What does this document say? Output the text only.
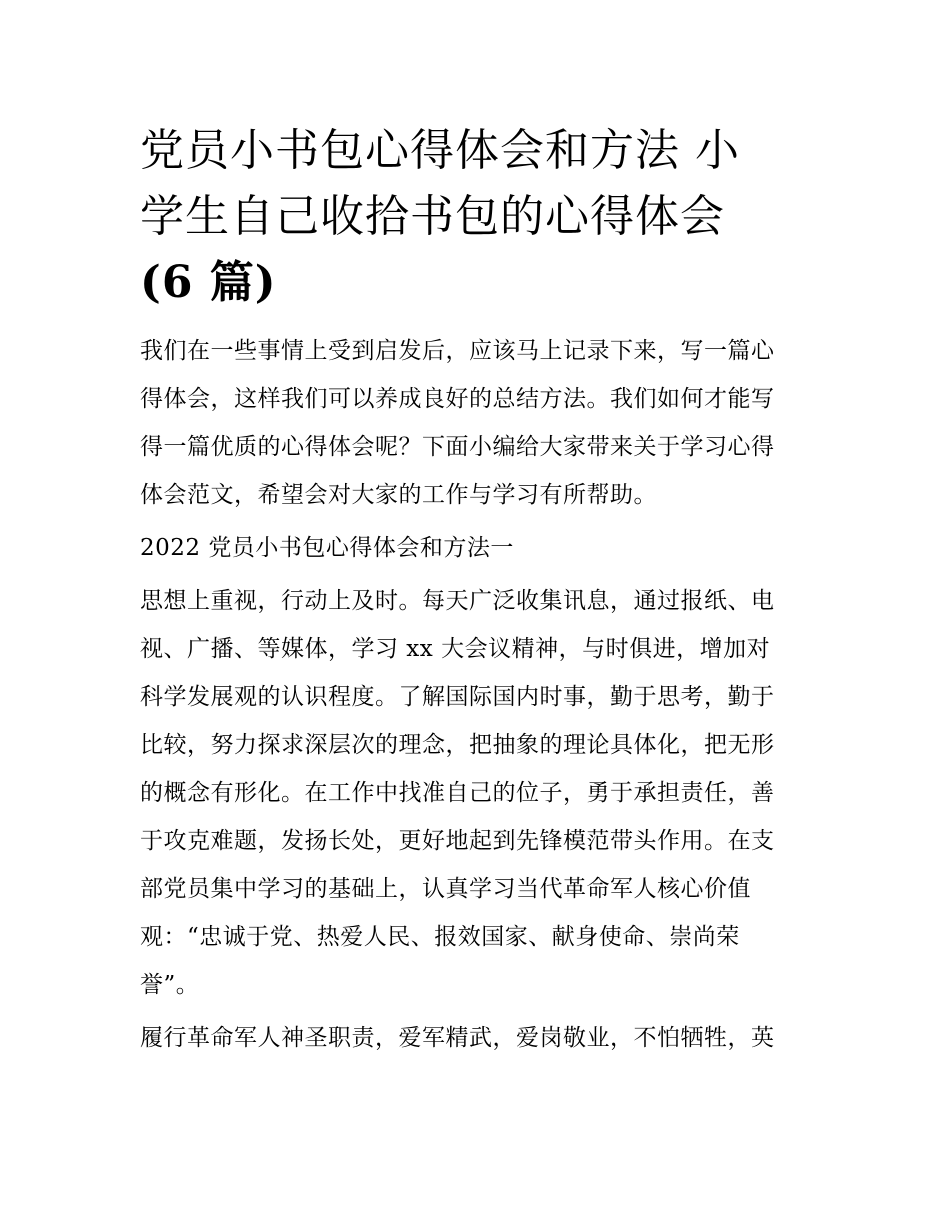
党员小书包心得体会和方法 小
学生自己收拾书包的心得体会
(6 篇)

我们在一些事情上受到启发后，应该马上记录下来，写一篇心
得体会，这样我们可以养成良好的总结方法。我们如何才能写
得一篇优质的心得体会呢？下面小编给大家带来关于学习心得
体会范文，希望会对大家的工作与学习有所帮助。

2022 党员小书包心得体会和方法一

思想上重视，行动上及时。每天广泛收集讯息，通过报纸、电
视、广播、等媒体，学习 xx 大会议精神，与时俱进，增加对
科学发展观的认识程度。了解国际国内时事，勤于思考，勤于
比较，努力探求深层次的理念，把抽象的理论具体化，把无形
的概念有形化。在工作中找准自己的位子，勇于承担责任，善
于攻克难题，发扬长处，更好地起到先锋模范带头作用。在支
部党员集中学习的基础上，认真学习当代革命军人核心价值
观：“忠诚于党、热爱人民、报效国家、献身使命、崇尚荣
誉”。

履行革命军人神圣职责，爱军精武，爱岗敬业，不怕牺牲，英
